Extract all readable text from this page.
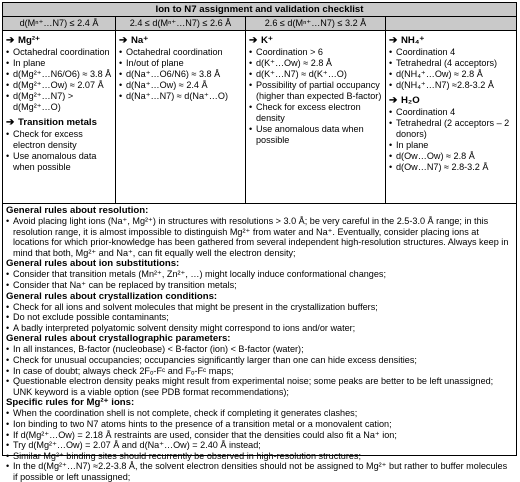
Ion to N7 assignment and validation checklist
d(Mⁿ⁺…N7) ≤ 2.4 Å	2.4 ≤ d(Mⁿ⁺…N7) ≤ 2.6 Å	2.6 ≤ d(Mⁿ⁺…N7) ≤ 3.2 Å
➔ Mg²⁺
• Octahedral coordination
• In plane
• d(Mg²⁺…N6/O6) ≈ 3.8 Å
• d(Mg²⁺…Ow) ≈ 2.07 Å
• d(Mg²⁺…N7) > d(Mg²⁺…O)
➔ Transition metals
• Check for excess electron density
• Use anomalous data when possible
➔ Na⁺
• Octahedral coordination
• In/out of plane
• d(Na⁺…O6/N6) ≈ 3.8 Å
• d(Na⁺…Ow) ≈ 2.4 Å
• d(Na⁺…N7) ≈ d(Na⁺…O)
➔ K⁺
• Coordination > 6
• d(K⁺…Ow) ≈ 2.8 Å
• d(K⁺…N7) ≈ d(K⁺…O)
• Possibility of partial occupancy (higher than expected B-factor)
• Check for excess electron density
• Use anomalous data when possible
➔ NH₄⁺
• Coordination 4
• Tetrahedral (4 acceptors)
• d(NH₄⁺…Ow) ≈ 2.8 Å
• d(NH₄⁺…N7) ≈2.8-3.2 Å
➔ H₂O
• Coordination 4
• Tetrahedral (2 acceptors – 2 donors)
• In plane
• d(Ow…Ow) ≈ 2.8 Å
• d(Ow…N7) ≈ 2.8-3.2 Å
General rules about resolution:
• Avoid placing light ions (Na⁺, Mg²⁺) in structures with resolutions > 3.0 Å; be very careful in the 2.5-3.0 Å range; in this resolution range, it is almost impossible to distinguish Mg²⁺ from water and Na⁺. Eventually, consider placing ions at locations for which prior-knowledge has been gathered from several independent high-resolution structures. Always keep in mind that both, Mg²⁺ and Na⁺, can fit equally well the electron density;
General rules about ion substitutions:
• Consider that transition metals (Mn²⁺, Zn²⁺, …) might locally induce conformational changes;
• Consider that Na⁺ can be replaced by transition metals;
General rules about crystallization conditions:
• Check for all ions and solvent molecules that might be present in the crystallization buffers;
• Do not exclude possible contaminants;
• A badly interpreted polyatomic solvent density might correspond to ions and/or water;
General rules about crystallographic parameters:
• In all instances, B-factor (nucleobase) < B-factor (ion) < B-factor (water);
• Check for unusual occupancies; occupancies significantly larger than one can hide excess densities;
• In case of doubt; always check 2Fₒ-Fᶜ and Fₒ-Fᶜ maps;
• Questionable electron density peaks might result from experimental noise; some peaks are better to be left unassigned; UNK keyword is a viable option (see PDB format recommendations);
Specific rules for Mg²⁺ ions:
• When the coordination shell is not complete, check if completing it generates clashes;
• Ion binding to two N7 atoms hints to the presence of a transition metal or a monovalent cation;
• If d(Mg²⁺…Ow) = 2.18 Å restraints are used, consider that the densities could also fit a Na⁺ ion;
• Try d(Mg²⁺…Ow) = 2.07 Å and d(Na⁺…Ow) = 2.40 Å instead;
• Similar Mg²⁺ binding sites should recurrently be observed in high-resolution structures;
• In the d(Mg²⁺…N7) ≈2.2-3.8 Å, the solvent electron densities should not be assigned to Mg²⁺ but rather to buffer molecules if possible or left unassigned;
